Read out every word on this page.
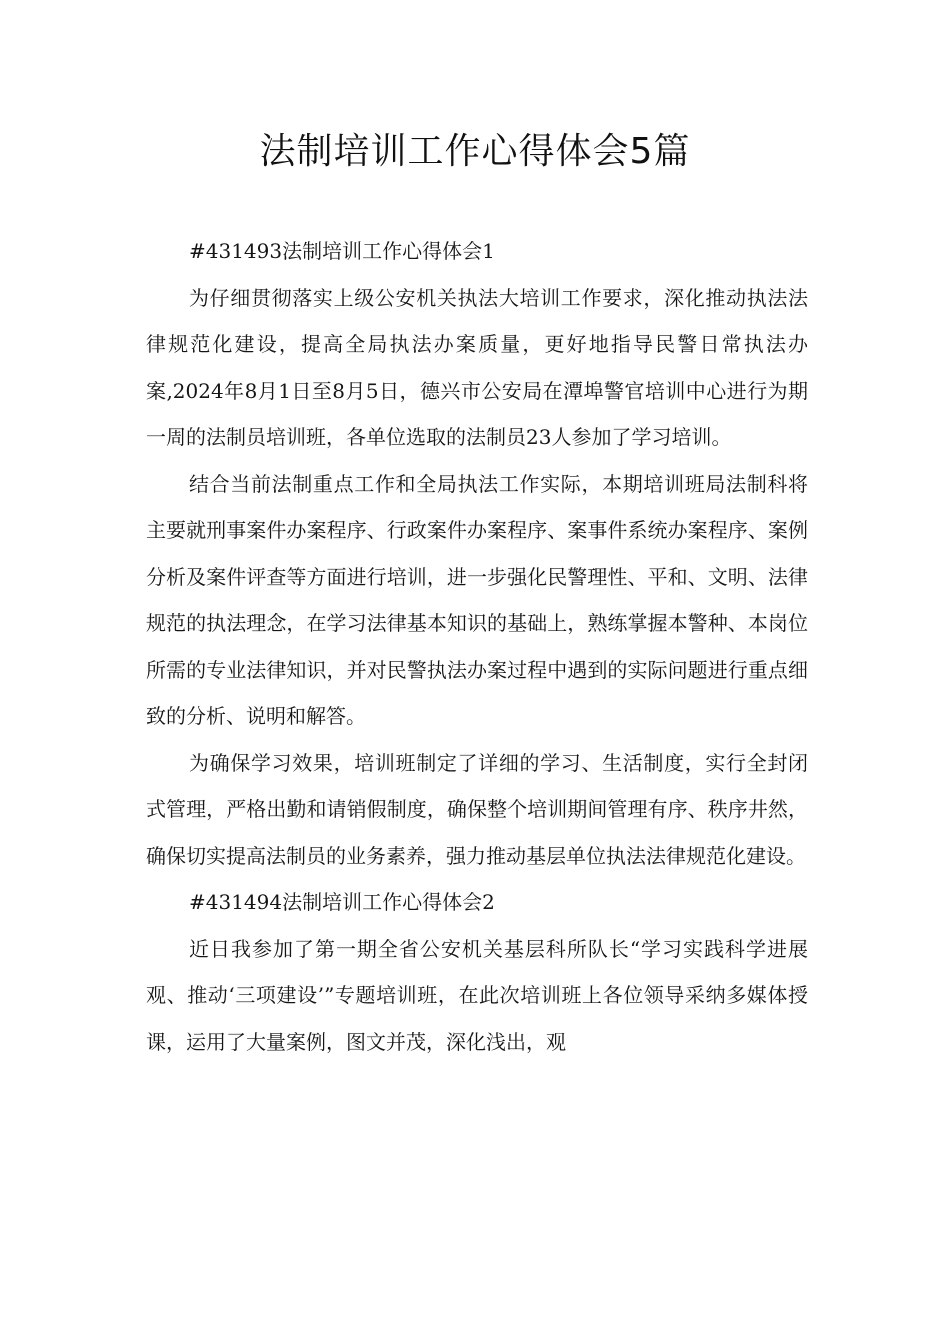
法制培训工作心得体会5篇

#431493法制培训工作心得体会1

为仔细贯彻落实上级公安机关执法大培训工作要求，深化推动执法法律规范化建设，提高全局执法办案质量，更好地指导民警日常执法办案,2024年8月1日至8月5日，德兴市公安局在潭埠警官培训中心进行为期一周的法制员培训班，各单位选取的法制员23人参加了学习培训。

结合当前法制重点工作和全局执法工作实际，本期培训班局法制科将主要就刑事案件办案程序、行政案件办案程序、案事件系统办案程序、案例分析及案件评查等方面进行培训，进一步强化民警理性、平和、文明、法律规范的执法理念，在学习法律基本知识的基础上，熟练掌握本警种、本岗位所需的专业法律知识，并对民警执法办案过程中遇到的实际问题进行重点细致的分析、说明和解答。

为确保学习效果，培训班制定了详细的学习、生活制度，实行全封闭式管理，严格出勤和请销假制度，确保整个培训期间管理有序、秩序井然，确保切实提高法制员的业务素养，强力推动基层单位执法法律规范化建设。

#431494法制培训工作心得体会2

近日我参加了第一期全省公安机关基层科所队长“学习实践科学进展观、推动‘三项建设’”专题培训班，在此次培训班上各位领导采纳多媒体授课，运用了大量案例，图文并茂，深化浅出，观
